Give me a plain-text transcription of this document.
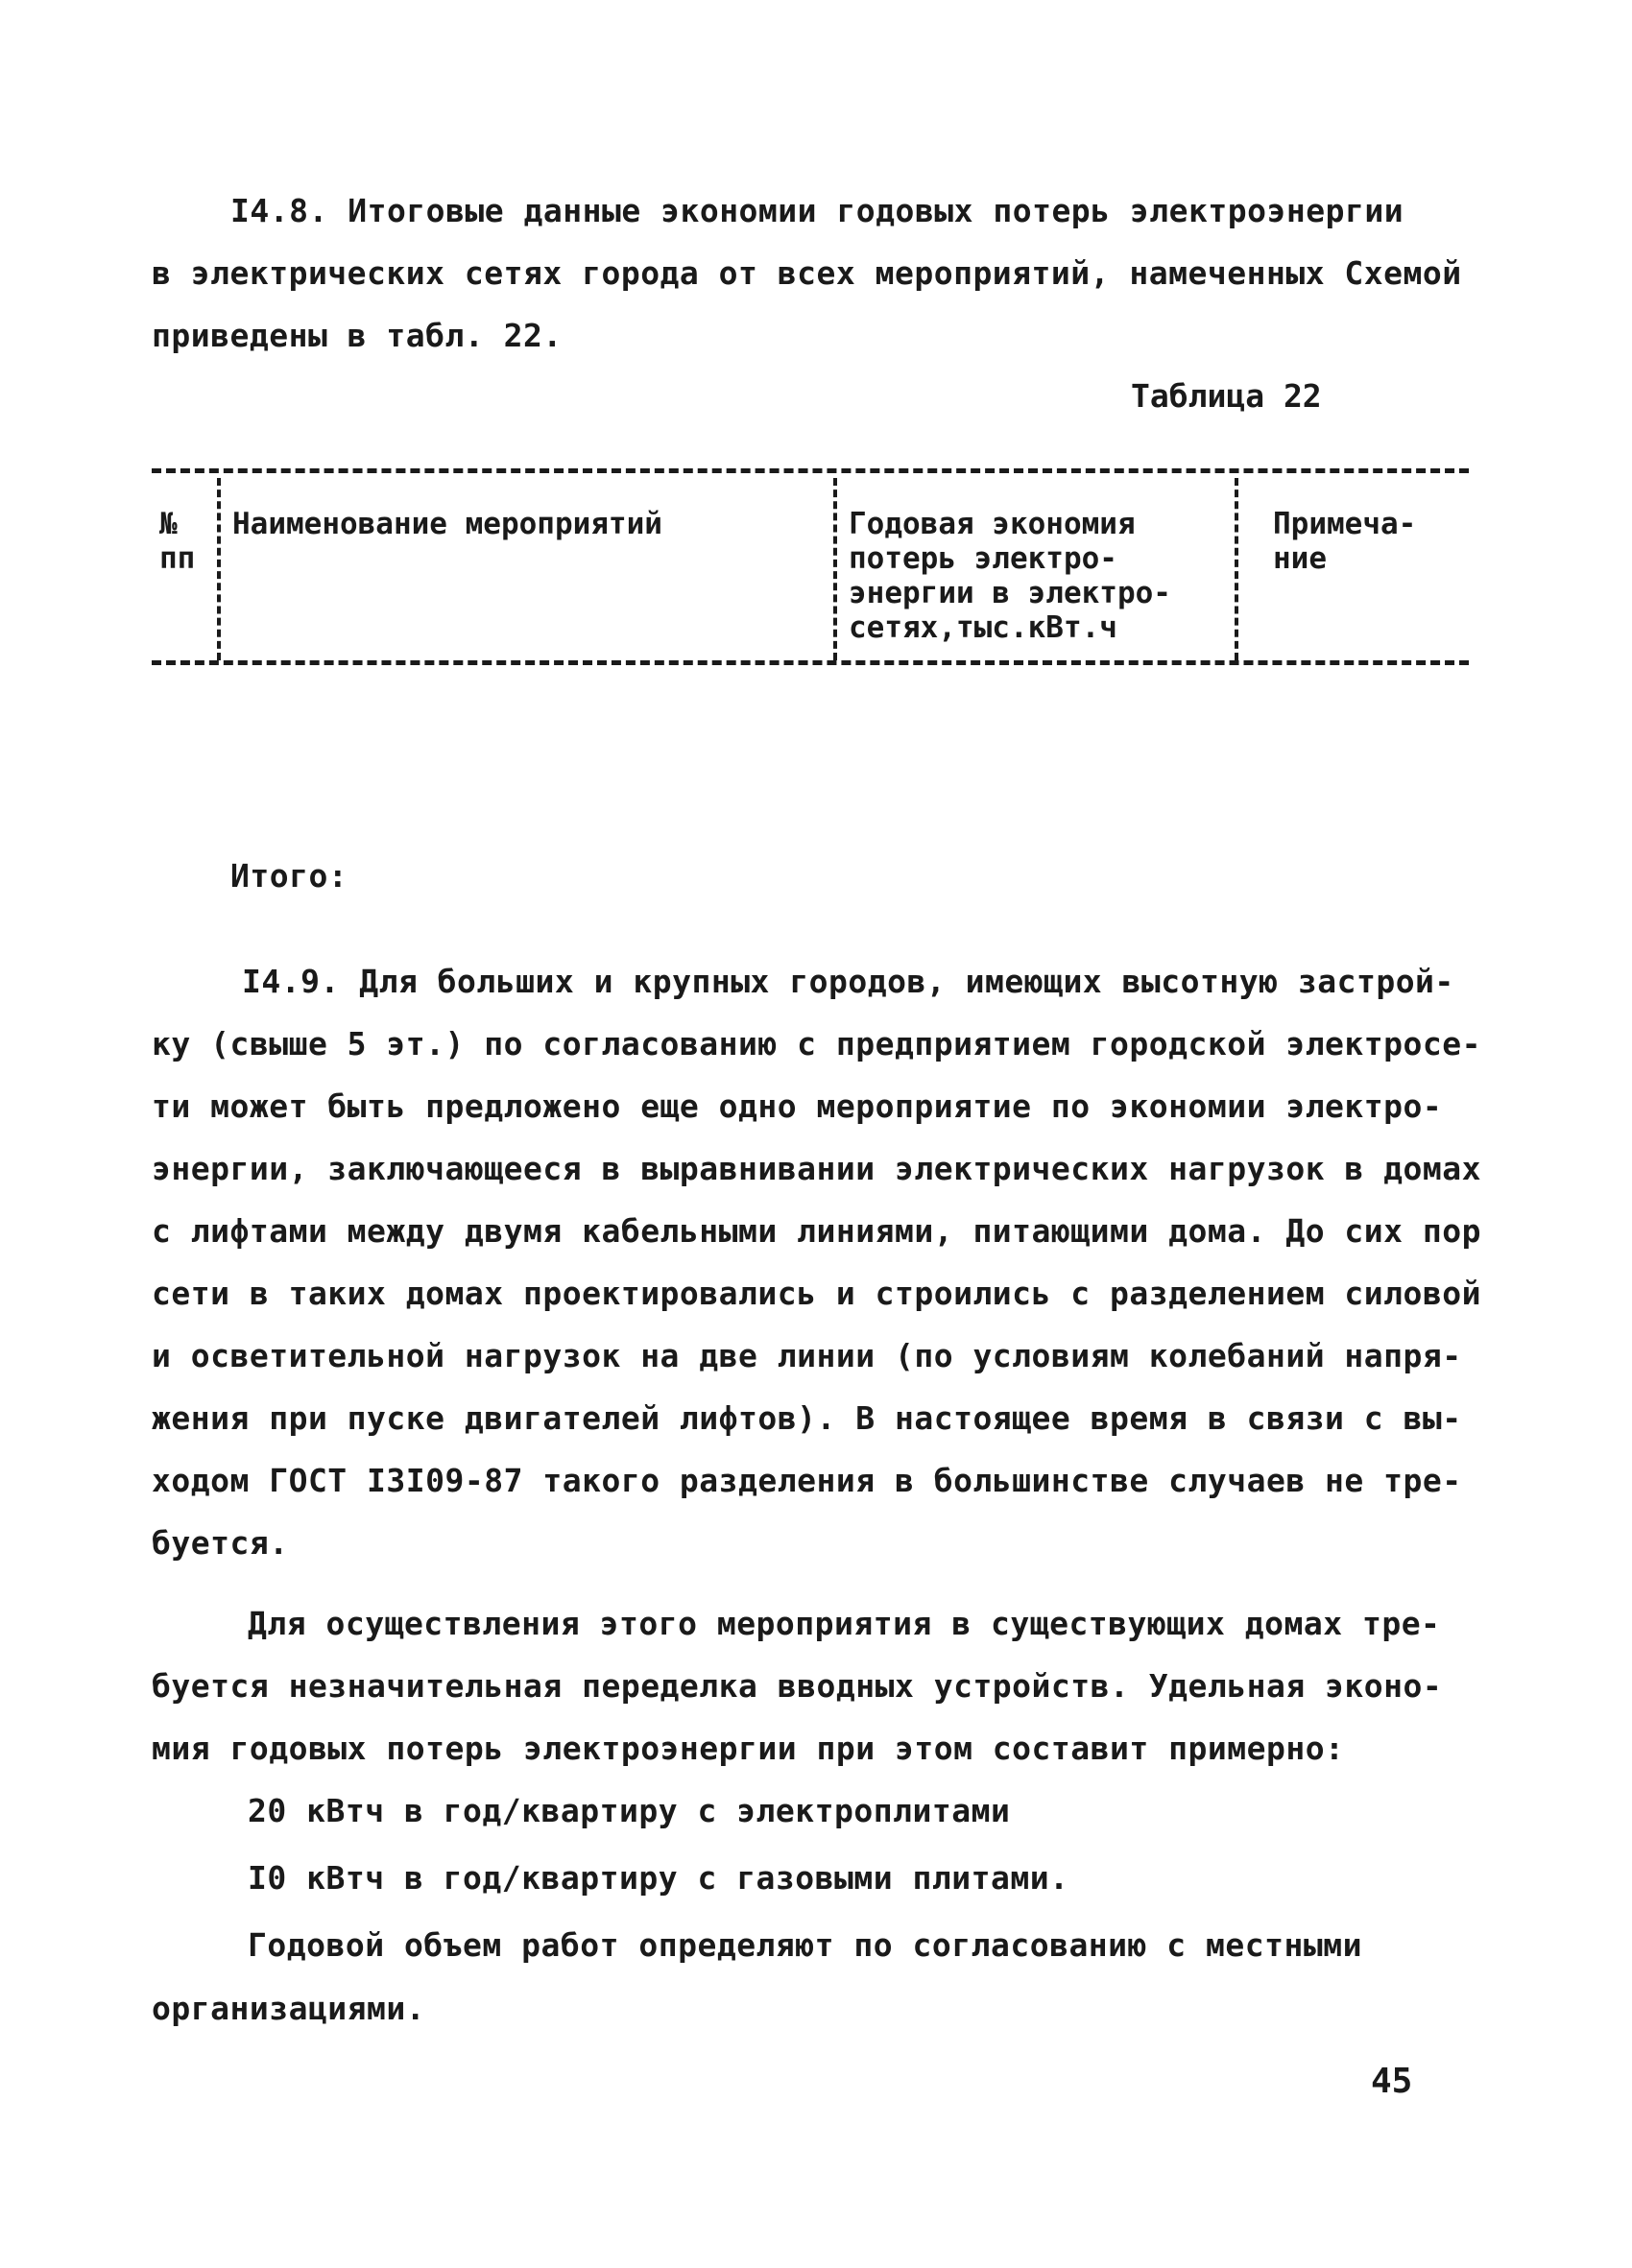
I4.8. Итоговые данные экономии годовых потерь электроэнергии
в электрических сетях города от всех мероприятий, намеченных Схемой
приведены в табл. 22.
Таблица 22
№
пп
Наименование мероприятий	Годовая экономия
потерь электро-
энергии в электро-
сетях,тыс.кВт.ч
Примеча-
ние
Итого:
I4.9. Для больших и крупных городов, имеющих высотную застрой-
ку (свыше 5 эт.) по согласованию с предприятием городской электросе-
ти может быть предложено еще одно мероприятие по экономии электро-
энергии, заключающееся в выравнивании электрических нагрузок в домах
с лифтами между двумя кабельными линиями, питающими дома. До сих пор
сети в таких домах проектировались и строились с разделением силовой
и осветительной нагрузок на две линии (по условиям колебаний напря-
жения при пуске двигателей лифтов). В настоящее время в связи с вы-
ходом ГОСТ I3I09-87 такого разделения в большинстве случаев не тре-
буется.
Для осуществления этого мероприятия в существующих домах тре-
буется незначительная переделка вводных устройств. Удельная эконо-
мия годовых потерь электроэнергии при этом составит примерно:
20 кВтч в год/квартиру с электроплитами
I0 кВтч в год/квартиру с газовыми плитами.
Годовой объем работ определяют по согласованию с местными
организациями.
45
